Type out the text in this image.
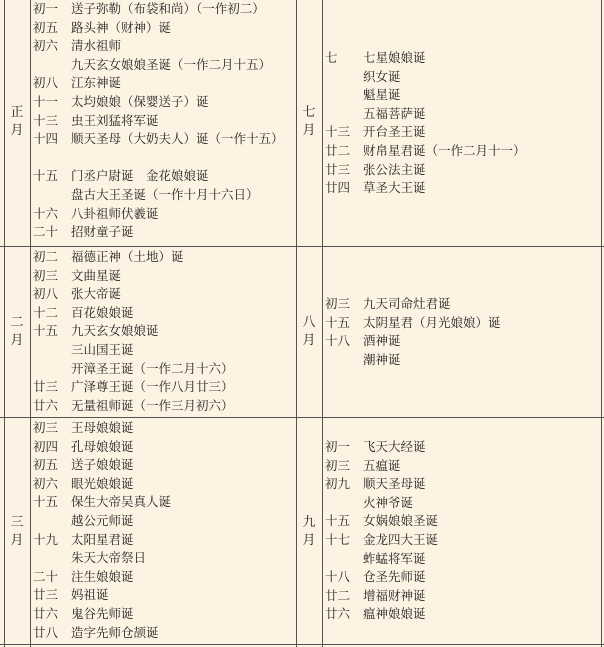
正
月
初一 送子弥勒（布袋和尚）（一作初二）
初五 路头神（财神）诞
初六 清水祖师
九天玄女娘娘圣诞（一作二月十五）
初八 江东神诞
十一 太均娘娘（保婴送子）诞
十三 虫王刘猛将军诞
十四 顺天圣母（大奶夫人）诞（一作十五）
十五 门丞户尉诞　金花娘娘诞
盘古大王圣诞（一作十月十六日）
十六 八卦祖师伏羲诞
二十 招财童子诞
七
月
七 七星娘娘诞
织女诞
魁星诞
五福菩萨诞
十三 开台圣王诞
廿二 财帛星君诞（一作二月十一）
廿三 张公法主诞
廿四 草圣大王诞
二
月
初二 福德正神（土地）诞
初三 文曲星诞
初八 张大帝诞
十二 百花娘娘诞
十五 九天玄女娘娘诞
三山国王诞
开漳圣王诞（一作二月十六）
廿三 广泽尊王诞（一作八月廿三）
廿六 无量祖师诞（一作三月初六）
八
月
初三 九天司命灶君诞
十五 太阴星君（月光娘娘）诞
十八 酒神诞
潮神诞
三
月
初三 王母娘娘诞
初四 孔母娘娘诞
初五 送子娘娘诞
初六 眼光娘娘诞
十五 保生大帝吴真人诞
越公元师诞
十九 太阳星君诞
朱天大帝祭日
二十 注生娘娘诞
廿三 妈祖诞
廿六 鬼谷先师诞
廿八 造字先师仓颉诞
九
月
初一 飞天大经诞
初三 五瘟诞
初九 顺天圣母诞
火神爷诞
十五 女娲娘娘圣诞
十七 金龙四大王诞
蚱蜢将军诞
十八 仓圣先师诞
廿二 增福财神诞
廿六 瘟神娘娘诞
